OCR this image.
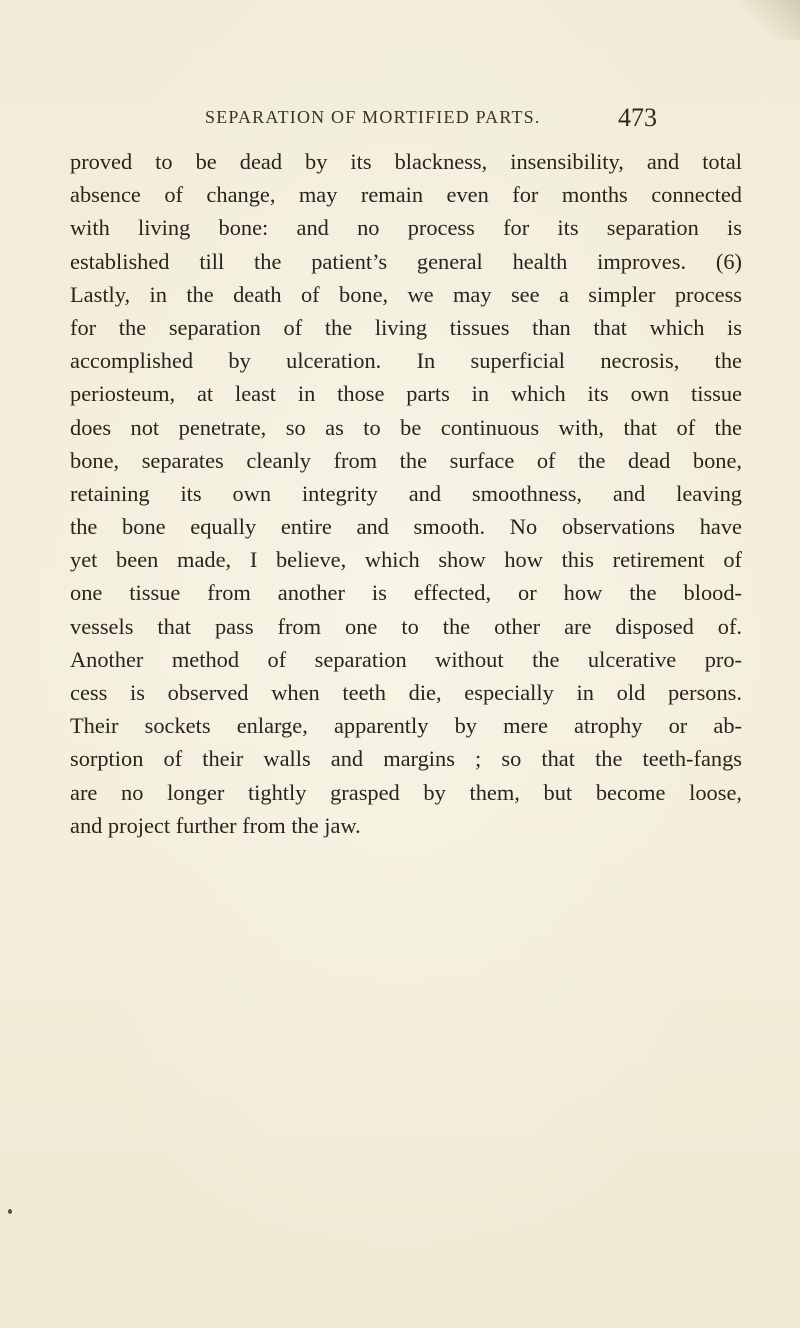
SEPARATION OF MORTIFIED PARTS.	473
proved to be dead by its blackness, insensibility, and total
absence of change, may remain even for months connected
with living bone: and no process for its separation is
established till the patient’s general health improves. (6)
Lastly, in the death of bone, we may see a simpler process
for the separation of the living tissues than that which is
accomplished by ulceration. In superficial necrosis, the
periosteum, at least in those parts in which its own tissue
does not penetrate, so as to be continuous with, that of the
bone, separates cleanly from the surface of the dead bone,
retaining its own integrity and smoothness, and leaving
the bone equally entire and smooth. No observations have
yet been made, I believe, which show how this retirement of
one tissue from another is effected, or how the blood-
vessels that pass from one to the other are disposed of.
Another method of separation without the ulcerative pro-
cess is observed when teeth die, especially in old persons.
Their sockets enlarge, apparently by mere atrophy or ab-
sorption of their walls and margins ; so that the teeth-fangs
are no longer tightly grasped by them, but become loose,
and project further from the jaw.
